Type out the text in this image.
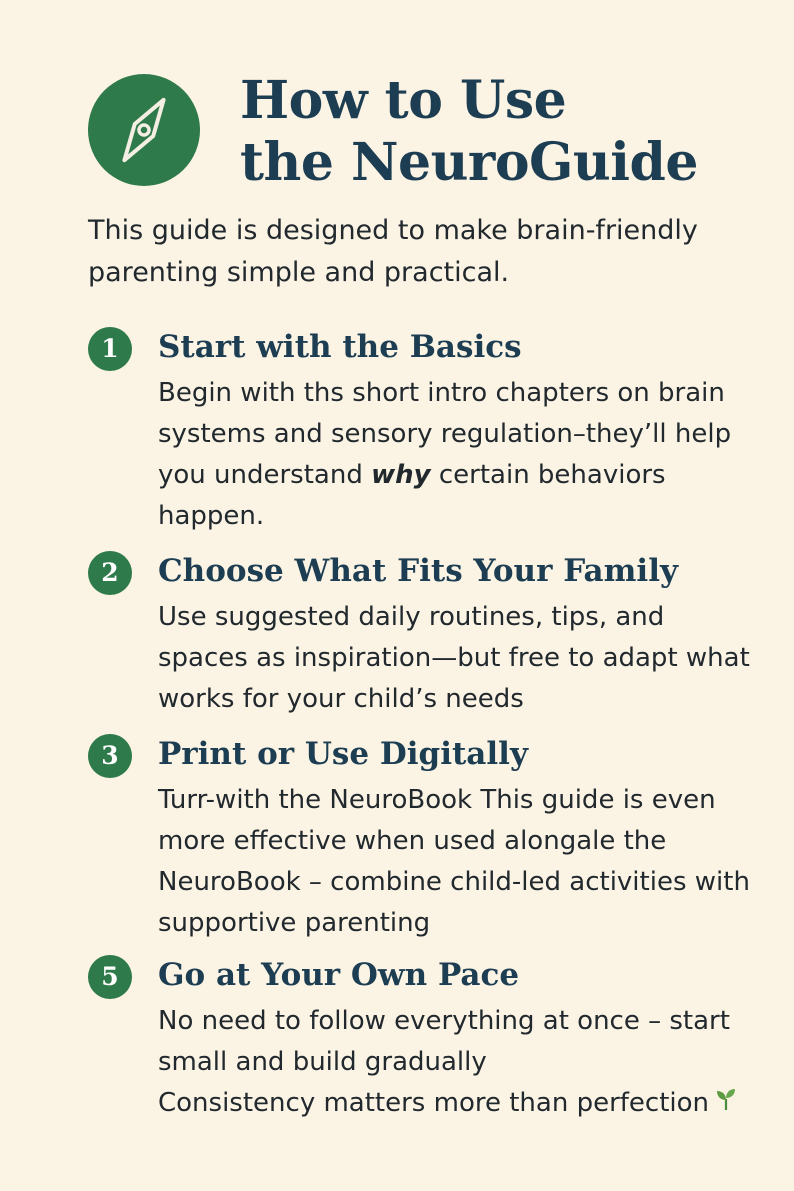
How to Use
the NeuroGuide

This guide is designed to make brain-friendly parenting simple and practical.

1	Start with the Basics

Begin with ths short intro chapters on brain systems and sensory regulation–they’ll help you understand why certain behaviors happen.

2	Choose What Fits Your Family

Use suggested daily routines, tips, and spaces as inspiration—but free to adapt what works for your child’s needs

3	Print or Use Digitally

Turr-with the NeuroBook This guide is even more effective when used alongale the NeuroBook – combine child-led activities with supportive parenting

5	Go at Your Own Pace

No need to follow everything at once – start small and build gradually
Consistency matters more than perfection
